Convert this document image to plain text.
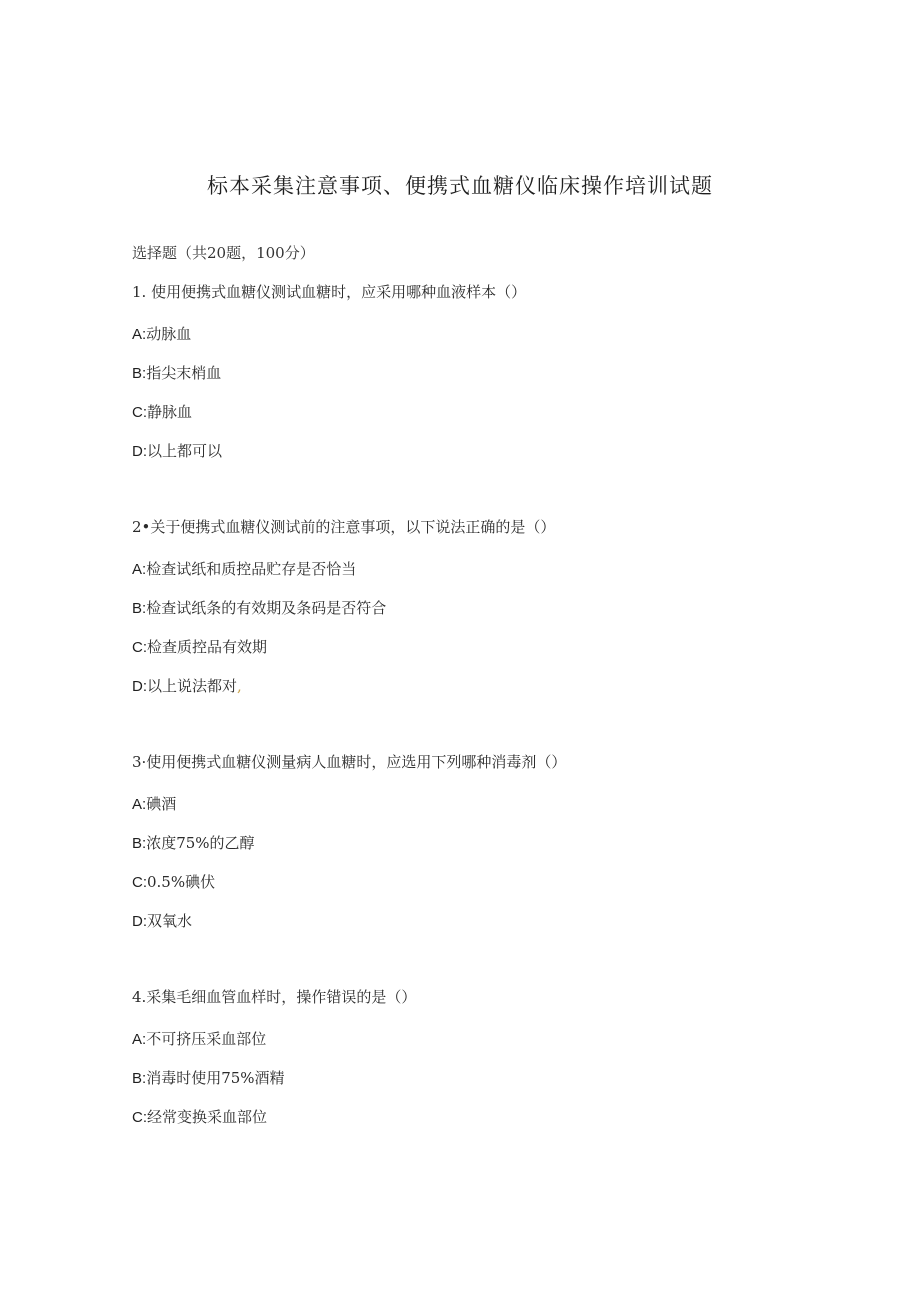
标本采集注意事项、便携式血糖仪临床操作培训试题
选择题（共20题，100分）
1. 使用便携式血糖仪测试血糖时，应采用哪种血液样本（）
A:动脉血
B:指尖末梢血
C:静脉血
D:以上都可以
2•关于便携式血糖仪测试前的注意事项，以下说法正确的是（）
A:检查试纸和质控品贮存是否恰当
B:检查试纸条的有效期及条码是否符合
C:检查质控品有效期
D:以上说法都对,
3·使用便携式血糖仪测量病人血糖时，应选用下列哪种消毒剂（）
A:碘酒
B:浓度75%的乙醇
C:0.5%碘伏
D:双氧水
4.采集毛细血管血样时，操作错误的是（）
A:不可挤压采血部位
B:消毒时使用75%酒精
C:经常变换采血部位
